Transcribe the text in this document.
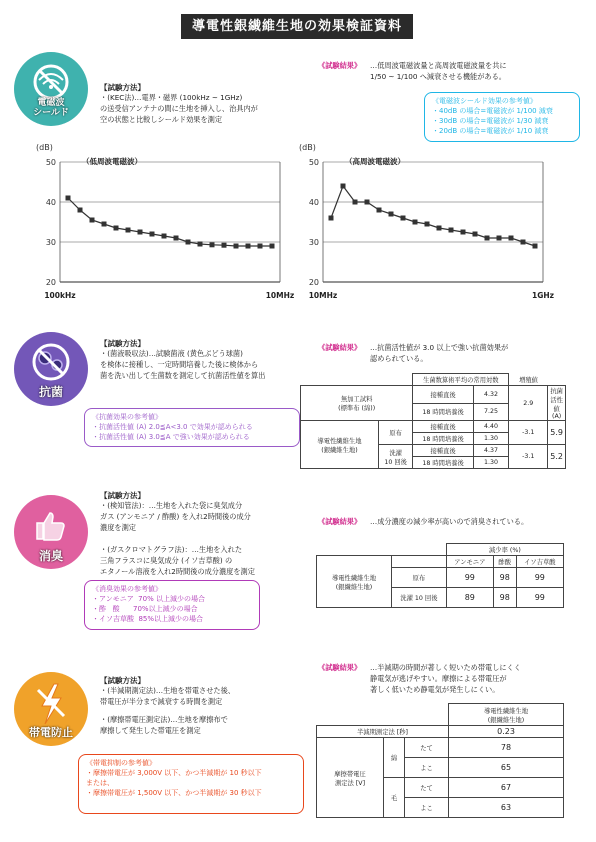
導電性銀繊維生地の効果検証資料
電磁波
シールド
【試験方法】
・(KEC法)…電界・磁界 (100kHz ~ 1GHz)
の送受信アンテナの間に生地を挿入し、治具内が
空の状態と比較しシールド効果を測定
《試験結果》 …低周波電磁波量と高周波電磁波量を共に
1/50 ~ 1/100 へ減衰させる機能がある。
《電磁波シールド効果の参考値》
・40dB の場合=電磁波が 1/100 減衰
・30dB の場合=電磁波が 1/30 減衰
・20dB の場合=電磁波が 1/10 減衰
(dB)
（低周波電磁波）
20
30
40
50
100kHz	10MHz
(dB)
（高周波電磁波）
20
30
40
50
10MHz	1GHz
抗菌
【試験方法】
・(菌液吸収法)…試験菌液 (黄色ぶどう球菌)
を検体に接種し、一定時間培養した後に検体から
菌を洗い出して生菌数を測定して抗菌活性値を算出
《抗菌効果の参考値》
・抗菌活性値 (A) 2.0≦A<3.0 で効果が認められる
・抗菌活性値 (A) 3.0≦A で強い効果が認められる
《試験結果》 …抗菌活性値が 3.0 以上で強い抗菌効果が
認められている。
		生菌数算術平均の常用対数		増殖値	
無加工試料
(標準布 (綿))		接種直後	4.32	2.9	抗菌活性値
(A)
		18 時間培養後	7.25		
導電性繊維生地
(銀繊維生地)	原布	接種直後	4.40	-3.1	5.9
		18 時間培養後	1.30		
	洗濯
10 回後	接種直後	4.37	-3.1	5.2
		18 時間培養後	1.30		
消臭
【試験方法】
・(検知管法)：…生地を入れた袋に臭気成分
ガス (アンモニア / 酢酸) を入れ2時間後の成分
濃度を測定
・(ガスクロマトグラフ法)：…生地を入れた
三角フラスコに臭気成分 (イソ吉草酸) の
エタノール溶液を入れ2時間後の成分濃度を測定
《消臭効果の参考値》
・アンモニア  70% 以上減少の場合
・酢   酸      70%以上減少の場合
・イソ吉草酸  85%以上減少の場合
《試験結果》 …成分濃度の減少率が高いので消臭されている。
		減少率 (%)		
導電性繊維生地
(銀繊維生地)		アンモニア	酢酸	イソ吉草酸
	原布	99	98	99
	洗濯 10 回後	89	98	99
帯電防止
【試験方法】
・(半減期測定法)…生地を帯電させた後、
帯電圧が半分まで減衰する時間を測定
・(摩擦帯電圧測定法)…生地を摩擦布で
摩擦して発生した帯電圧を測定
《帯電抑制の参考値》
・摩擦帯電圧が 3,000V 以下、かつ半減期が 10 秒以下
または、
・摩擦帯電圧が 1,500V 以下、かつ半減期が 30 秒以下
《試験結果》 …半減期の時間が著しく短いため帯電しにくく
静電気が逃げやすい。摩擦による帯電圧が
著しく低いため静電気が発生しにくい。
			導電性繊維生地
(銀繊維生地)
半減期測定法 [秒]			0.23
摩擦帯電圧
測定法 [V]	綿	たて	78
		よこ	65
	毛	たて	67
		よこ	63
